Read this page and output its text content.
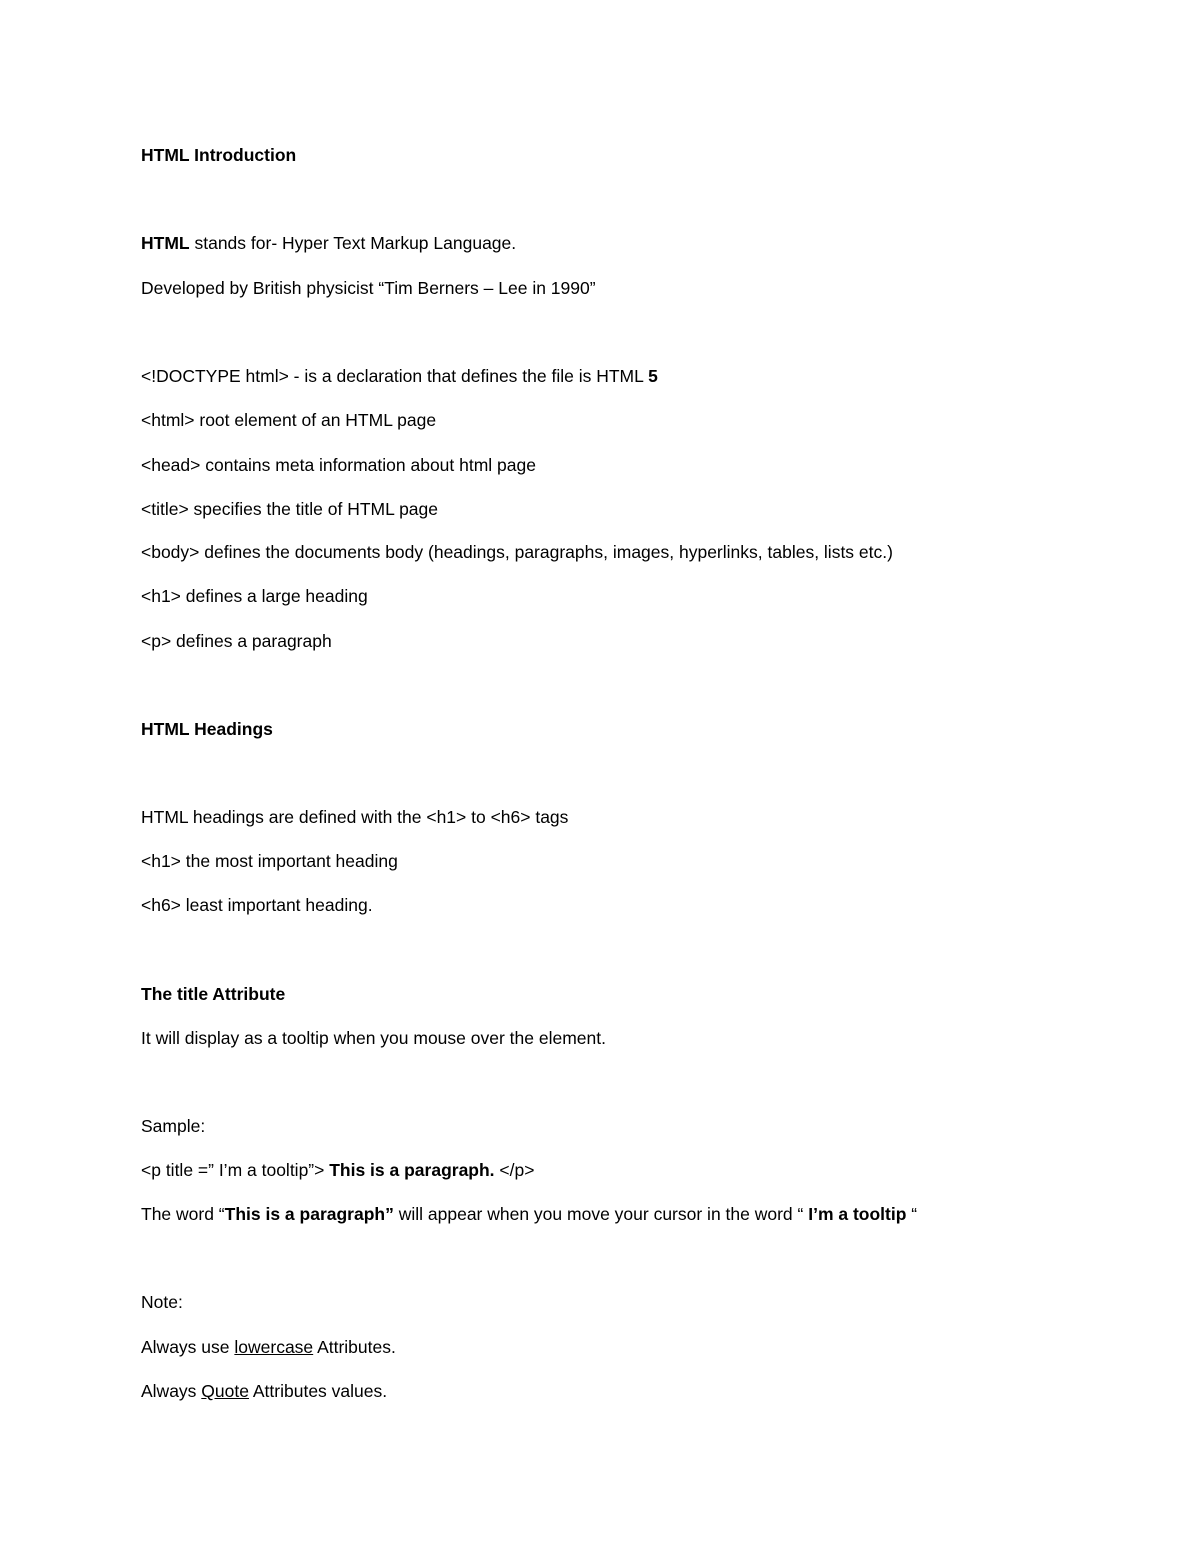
HTML Introduction

HTML stands for- Hyper Text Markup Language.

Developed by British physicist “Tim Berners – Lee in 1990”

<!DOCTYPE html> - is a declaration that defines the file is HTML 5

<html> root element of an HTML page

<head> contains meta information about html page

<title> specifies the title of HTML page

<body> defines the documents body (headings, paragraphs, images, hyperlinks, tables, lists etc.)

<h1> defines a large heading

<p> defines a paragraph

HTML Headings

HTML headings are defined with the <h1> to <h6> tags

<h1> the most important heading

<h6> least important heading.

The title Attribute

It will display as a tooltip when you mouse over the element.

Sample:

<p title =” I’m a tooltip”> This is a paragraph. </p>

The word “This is a paragraph” will appear when you move your cursor in the word “ I’m a tooltip “

Note:

Always use lowercase Attributes.

Always Quote Attributes values.
